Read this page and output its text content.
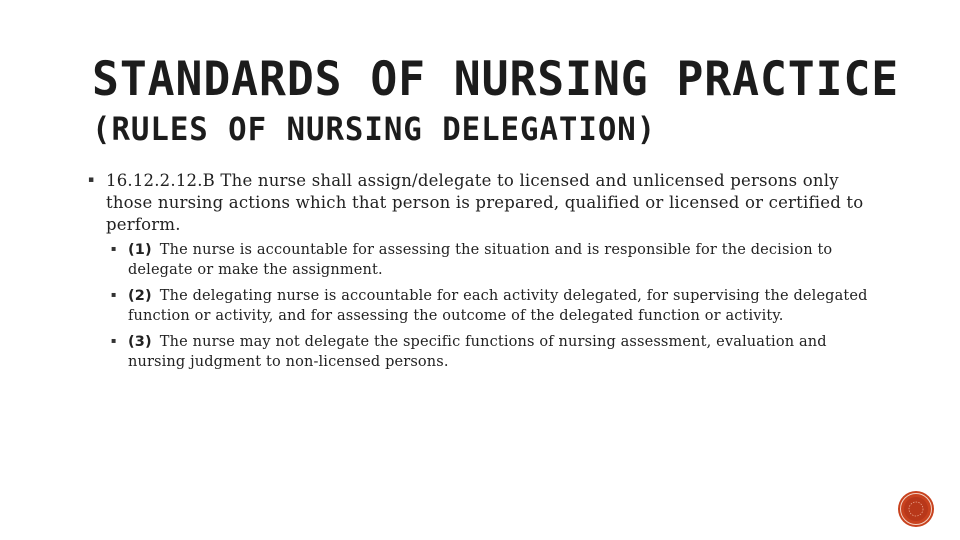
STANDARDS OF NURSING PRACTICE
(RULES OF NURSING DELEGATION)
▪ 16.12.2.12.B The nurse shall assign/delegate to licensed and unlicensed persons only those nursing actions which that person is prepared, qualified or licensed or certified to perform.
▪ (1) The nurse is accountable for assessing the situation and is responsible for the decision to delegate or make the assignment.
▪ (2) The delegating nurse is accountable for each activity delegated, for supervising the delegated function or activity, and for assessing the outcome of the delegated function or activity.
▪ (3) The nurse may not delegate the specific functions of nursing assessment, evaluation and nursing judgment to non-licensed persons.
